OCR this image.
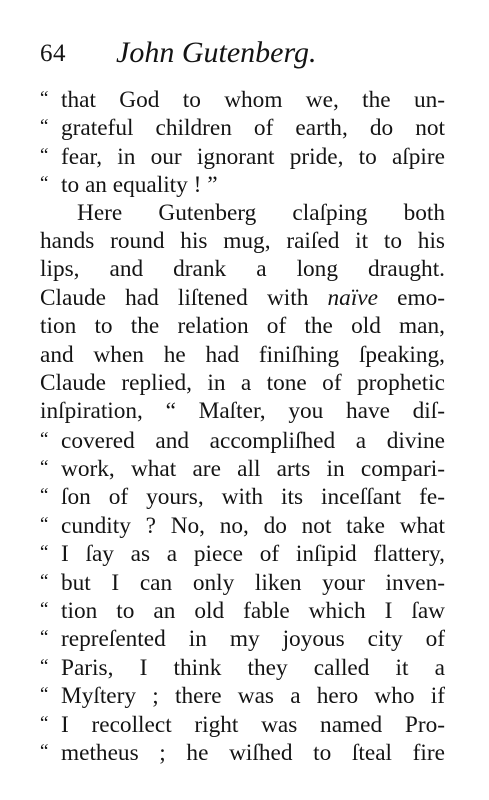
64 John Gutenberg.
“ that God to whom we, the un-
“ grateful children of earth, do not
“ fear, in our ignorant pride, to aſpire
“ to an equality ! ”
Here Gutenberg claſping both
hands round his mug, raiſed it to his
lips, and drank a long draught.
Claude had liſtened with naïve emo-
tion to the relation of the old man,
and when he had finiſhing ſpeaking,
Claude replied, in a tone of prophetic
inſpiration, “ Maſter, you have diſ-
“ covered and accompliſhed a divine
“ work, what are all arts in compari-
“ ſon of yours, with its inceſſant fe-
“ cundity ? No, no, do not take what
“ I ſay as a piece of inſipid flattery,
“ but I can only liken your inven-
“ tion to an old fable which I ſaw
“ repreſented in my joyous city of
“ Paris, I think they called it a
“ Myſtery ; there was a hero who if
“ I recollect right was named Pro-
“ metheus ; he wiſhed to ſteal fire
